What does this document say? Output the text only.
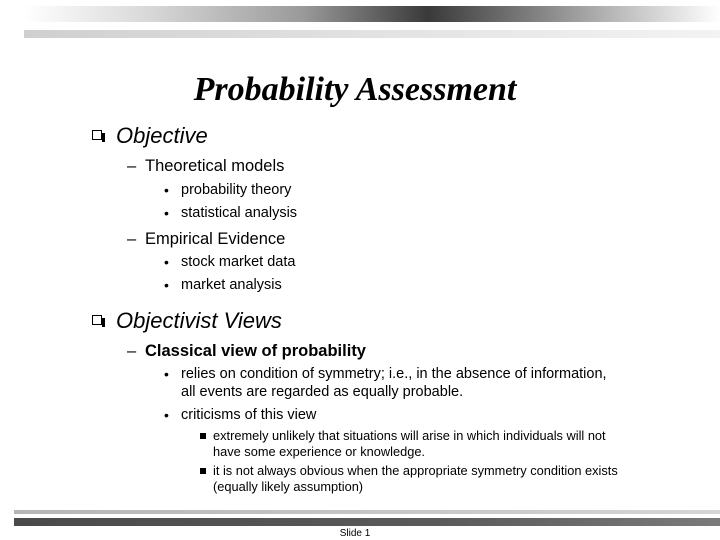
Probability Assessment
Objective
– Theoretical models
• probability theory
• statistical analysis
– Empirical Evidence
• stock market data
• market analysis
Objectivist Views
– Classical view of probability
• relies on condition of symmetry; i.e., in the absence of information, all events are regarded as equally probable.
• criticisms of this view
extremely unlikely that situations will arise in which individuals will not have some experience or knowledge.
it is not always obvious when the appropriate symmetry condition exists (equally likely assumption)
Slide 1
